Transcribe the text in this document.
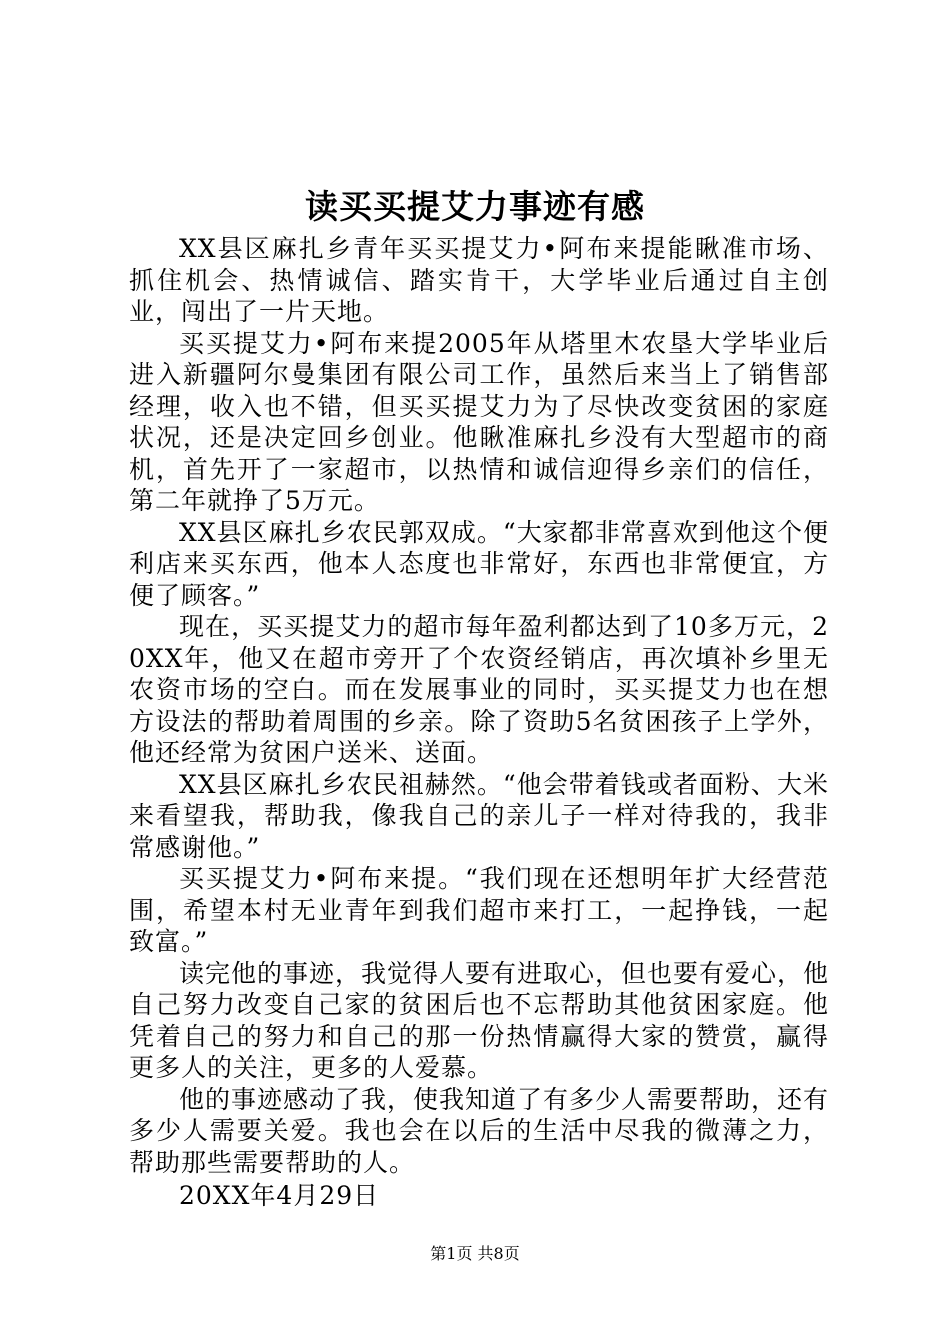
读买买提艾力事迹有感

XX县区麻扎乡青年买买提艾力•阿布来提能瞅准市场、抓住机会、热情诚信、踏实肯干，大学毕业后通过自主创业，闯出了一片天地。

买买提艾力•阿布来提2005年从塔里木农垦大学毕业后进入新疆阿尔曼集团有限公司工作，虽然后来当上了销售部经理，收入也不错，但买买提艾力为了尽快改变贫困的家庭状况，还是决定回乡创业。他瞅准麻扎乡没有大型超市的商机，首先开了一家超市，以热情和诚信迎得乡亲们的信任，第二年就挣了5万元。

XX县区麻扎乡农民郭双成。“大家都非常喜欢到他这个便利店来买东西，他本人态度也非常好，东西也非常便宜，方便了顾客。”

现在，买买提艾力的超市每年盈利都达到了10多万元，20XX年，他又在超市旁开了个农资经销店，再次填补乡里无农资市场的空白。而在发展事业的同时，买买提艾力也在想方设法的帮助着周围的乡亲。除了资助5名贫困孩子上学外，他还经常为贫困户送米、送面。

XX县区麻扎乡农民祖赫然。“他会带着钱或者面粉、大米来看望我，帮助我，像我自己的亲儿子一样对待我的，我非常感谢他。”

买买提艾力•阿布来提。“我们现在还想明年扩大经营范围，希望本村无业青年到我们超市来打工，一起挣钱，一起致富。”

读完他的事迹，我觉得人要有进取心，但也要有爱心，他自己努力改变自己家的贫困后也不忘帮助其他贫困家庭。他凭着自己的努力和自己的那一份热情赢得大家的赞赏，赢得更多人的关注，更多的人爱慕。

他的事迹感动了我，使我知道了有多少人需要帮助，还有多少人需要关爱。我也会在以后的生活中尽我的微薄之力，帮助那些需要帮助的人。

20XX年4月29日

第1页 共8页
